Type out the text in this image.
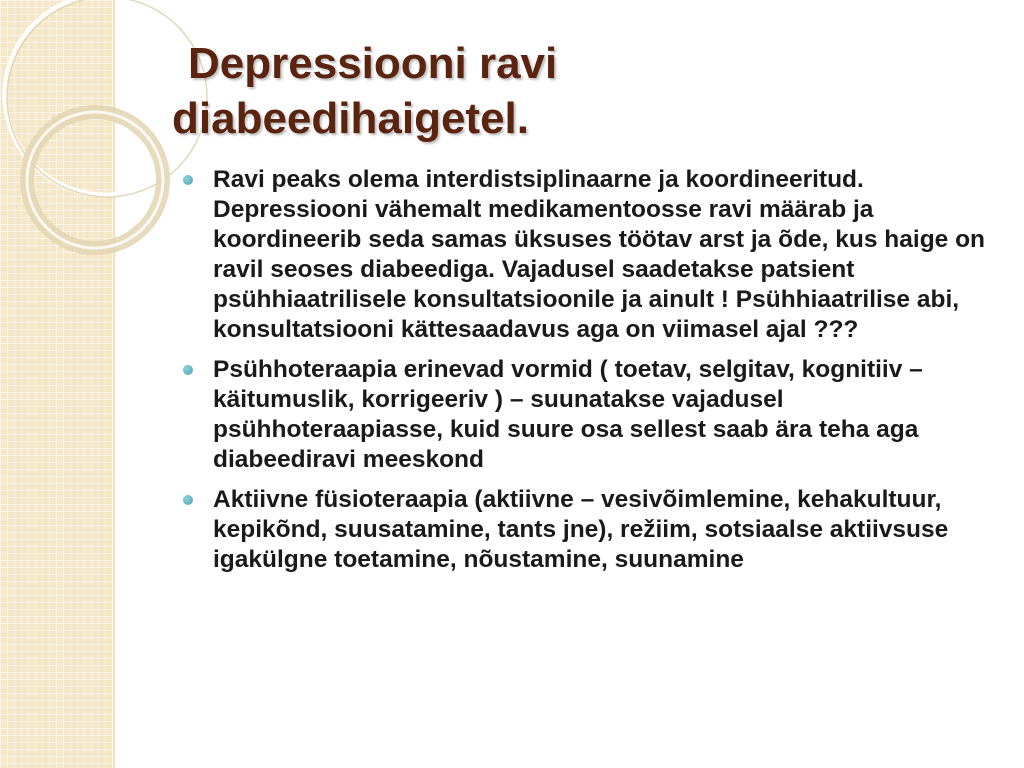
Depressiooni ravi
diabeedihaigetel.
Ravi peaks olema interdistsiplinaarne ja koordineeritud. Depressiooni vähemalt medikamentoosse ravi määrab ja koordineerib seda samas üksuses töötav arst ja õde, kus haige on ravil seoses diabeediga. Vajadusel saadetakse patsient psühhiaatrilisele konsultatsioonile ja ainult ! Psühhiaatrilise abi, konsultatsiooni kättesaadavus aga on viimasel ajal ???
Psühhoteraapia erinevad vormid ( toetav, selgitav, kognitiiv – käitumuslik, korrigeeriv ) – suunatakse vajadusel psühhoteraapiasse, kuid suure osa sellest saab ära teha aga diabeediravi meeskond
Aktiivne füsioteraapia (aktiivne – vesivõimlemine, kehakultuur, kepikõnd, suusatamine, tants jne), režiim, sotsiaalse aktiivsuse igakülgne toetamine, nõustamine, suunamine
